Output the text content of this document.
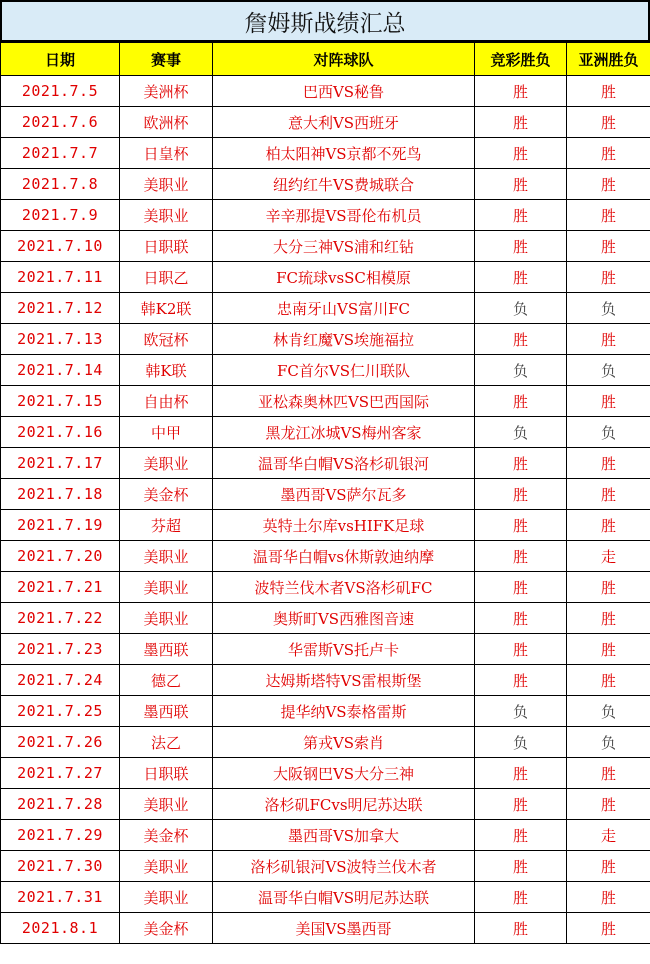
詹姆斯战绩汇总
日期	赛事	对阵球队	竞彩胜负	亚洲胜负
2021.7.5	美洲杯	巴西VS秘鲁	胜	胜
2021.7.6	欧洲杯	意大利VS西班牙	胜	胜
2021.7.7	日皇杯	柏太阳神VS京都不死鸟	胜	胜
2021.7.8	美职业	纽约红牛VS费城联合	胜	胜
2021.7.9	美职业	辛辛那提VS哥伦布机员	胜	胜
2021.7.10	日职联	大分三神VS浦和红钻	胜	胜
2021.7.11	日职乙	FC琉球vsSC相模原	胜	胜
2021.7.12	韩K2联	忠南牙山VS富川FC	负	负
2021.7.13	欧冠杯	林肯红魔VS埃施福拉	胜	胜
2021.7.14	韩K联	FC首尔VS仁川联队	负	负
2021.7.15	自由杯	亚松森奥林匹VS巴西国际	胜	胜
2021.7.16	中甲	黑龙江冰城VS梅州客家	负	负
2021.7.17	美职业	温哥华白帽VS洛杉矶银河	胜	胜
2021.7.18	美金杯	墨西哥VS萨尔瓦多	胜	胜
2021.7.19	芬超	英特土尔库vsHIFK足球	胜	胜
2021.7.20	美职业	温哥华白帽vs休斯敦迪纳摩	胜	走
2021.7.21	美职业	波特兰伐木者VS洛杉矶FC	胜	胜
2021.7.22	美职业	奥斯町VS西雅图音速	胜	胜
2021.7.23	墨西联	华雷斯VS托卢卡	胜	胜
2021.7.24	德乙	达姆斯塔特VS雷根斯堡	胜	胜
2021.7.25	墨西联	提华纳VS泰格雷斯	负	负
2021.7.26	法乙	第戎VS索肖	负	负
2021.7.27	日职联	大阪钢巴VS大分三神	胜	胜
2021.7.28	美职业	洛杉矶FCvs明尼苏达联	胜	胜
2021.7.29	美金杯	墨西哥VS加拿大	胜	走
2021.7.30	美职业	洛杉矶银河VS波特兰伐木者	胜	胜
2021.7.31	美职业	温哥华白帽VS明尼苏达联	胜	胜
2021.8.1	美金杯	美国VS墨西哥	胜	胜
